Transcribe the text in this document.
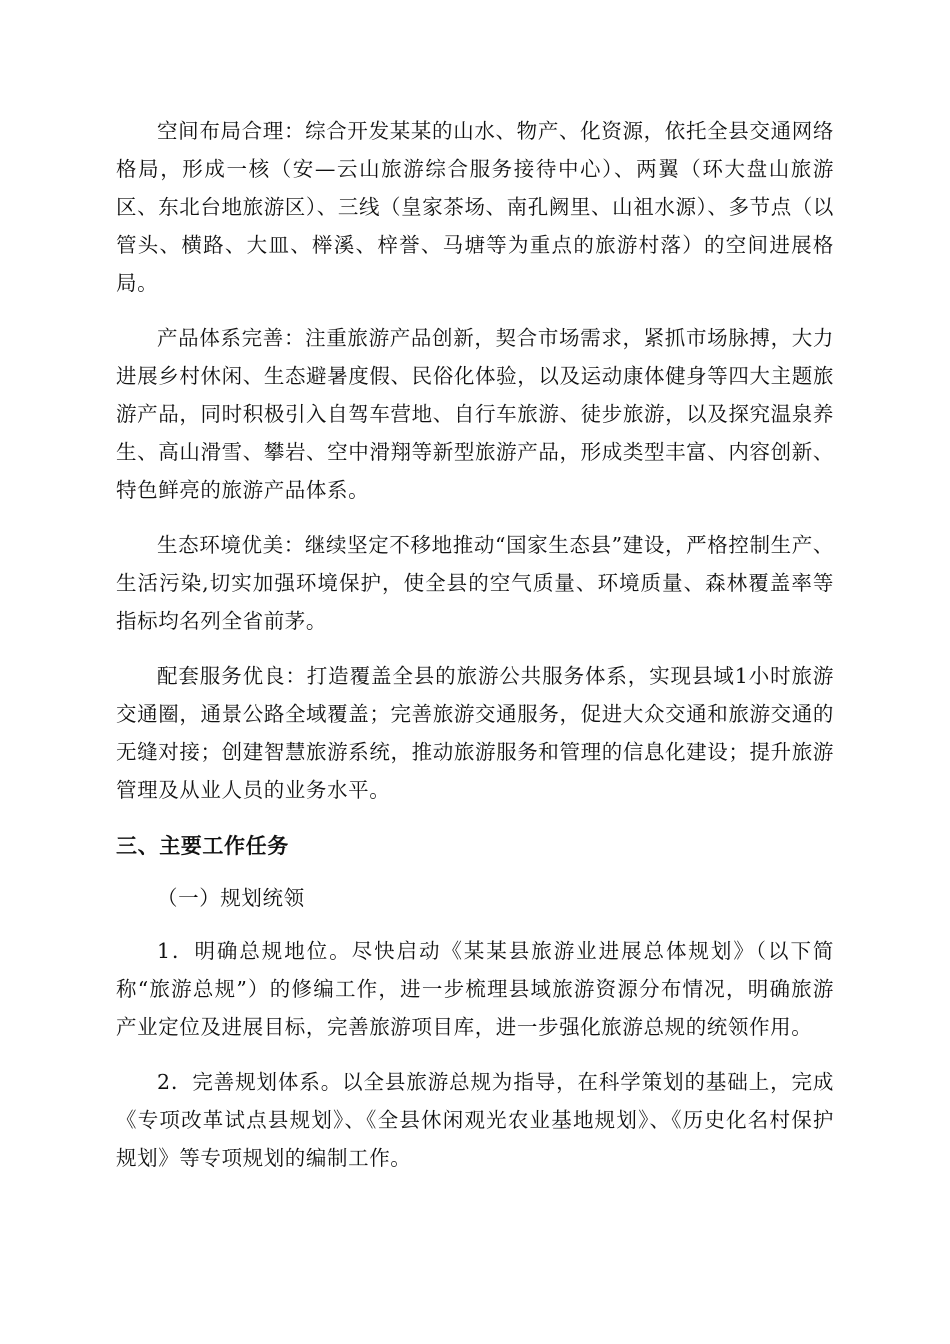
空间布局合理：综合开发某某的山水、物产、化资源，依托全县交通网络格局，形成一核（安—云山旅游综合服务接待中心）、两翼（环大盘山旅游区、东北台地旅游区）、三线（皇家茶场、南孔阙里、山祖水源）、多节点（以管头、横路、大皿、榉溪、梓誉、马塘等为重点的旅游村落）的空间进展格局。

产品体系完善：注重旅游产品创新，契合市场需求，紧抓市场脉搏，大力进展乡村休闲、生态避暑度假、民俗化体验，以及运动康体健身等四大主题旅游产品，同时积极引入自驾车营地、自行车旅游、徒步旅游，以及探究温泉养生、高山滑雪、攀岩、空中滑翔等新型旅游产品，形成类型丰富、内容创新、特色鲜亮的旅游产品体系。

生态环境优美：继续坚定不移地推动“国家生态县”建设，严格控制生产、生活污染,切实加强环境保护，使全县的空气质量、环境质量、森林覆盖率等指标均名列全省前茅。

配套服务优良：打造覆盖全县的旅游公共服务体系，实现县域1小时旅游交通圈，通景公路全域覆盖；完善旅游交通服务，促进大众交通和旅游交通的无缝对接；创建智慧旅游系统，推动旅游服务和管理的信息化建设；提升旅游管理及从业人员的业务水平。

三、主要工作任务
（一）规划统领

1．明确总规地位。尽快启动《某某县旅游业进展总体规划》（以下简称“旅游总规”）的修编工作，进一步梳理县域旅游资源分布情况，明确旅游产业定位及进展目标，完善旅游项目库，进一步强化旅游总规的统领作用。

2．完善规划体系。以全县旅游总规为指导，在科学策划的基础上，完成《专项改革试点县规划》、《全县休闲观光农业基地规划》、《历史化名村保护规划》等专项规划的编制工作。
